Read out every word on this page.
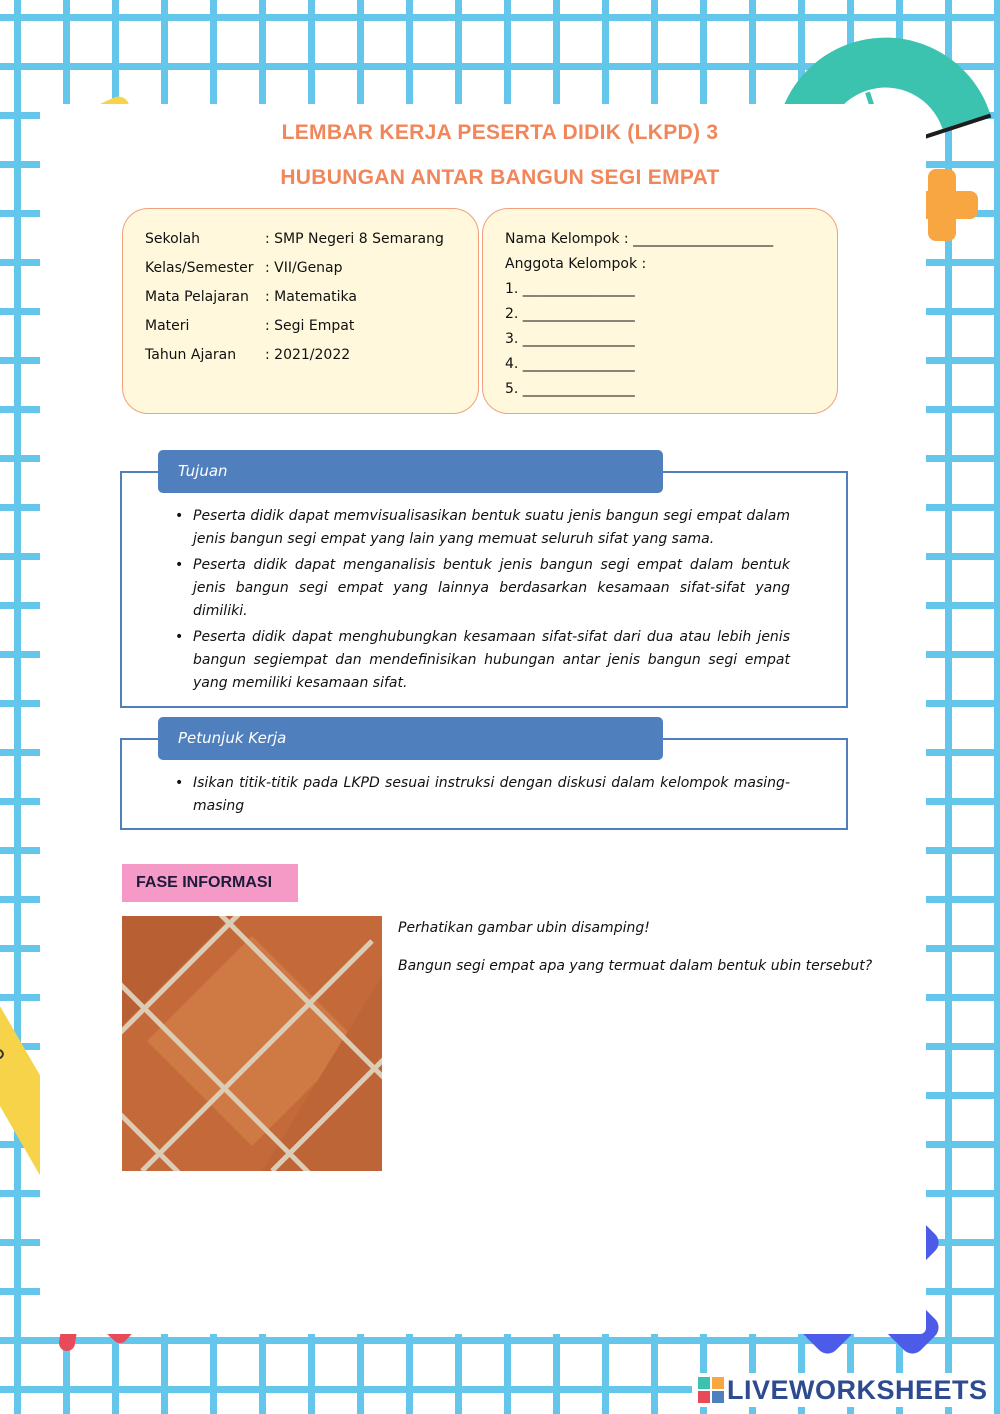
LEMBAR KERJA PESERTA DIDIK (LKPD) 3
HUBUNGAN ANTAR BANGUN SEGI EMPAT
Sekolah	: SMP Negeri 8 Semarang
Kelas/Semester : VII/Genap
Mata Pelajaran : Matematika
Materi	: Segi Empat
Tahun Ajaran : 2021/2022
Nama Kelompok : ____________________
Anggota Kelompok :
1. ________________
2. ________________
3. ________________
4. ________________
5. ________________
Tujuan
• Peserta didik dapat memvisualisasikan bentuk suatu jenis bangun segi empat dalam jenis bangun segi empat yang lain yang memuat seluruh sifat yang sama.
• Peserta didik dapat menganalisis bentuk jenis bangun segi empat dalam bentuk jenis bangun segi empat yang lainnya berdasarkan kesamaan sifat-sifat yang dimiliki.
• Peserta didik dapat menghubungkan kesamaan sifat-sifat dari dua atau lebih jenis bangun segiempat dan mendefinisikan hubungan antar jenis bangun segi empat yang memiliki kesamaan sifat.
Petunjuk Kerja
• Isikan titik-titik pada LKPD sesuai instruksi dengan diskusi dalam kelompok masing-masing
FASE INFORMASI
Perhatikan gambar ubin disamping!
Bangun segi empat apa yang termuat dalam bentuk ubin tersebut?
LIVEWORKSHEETS
